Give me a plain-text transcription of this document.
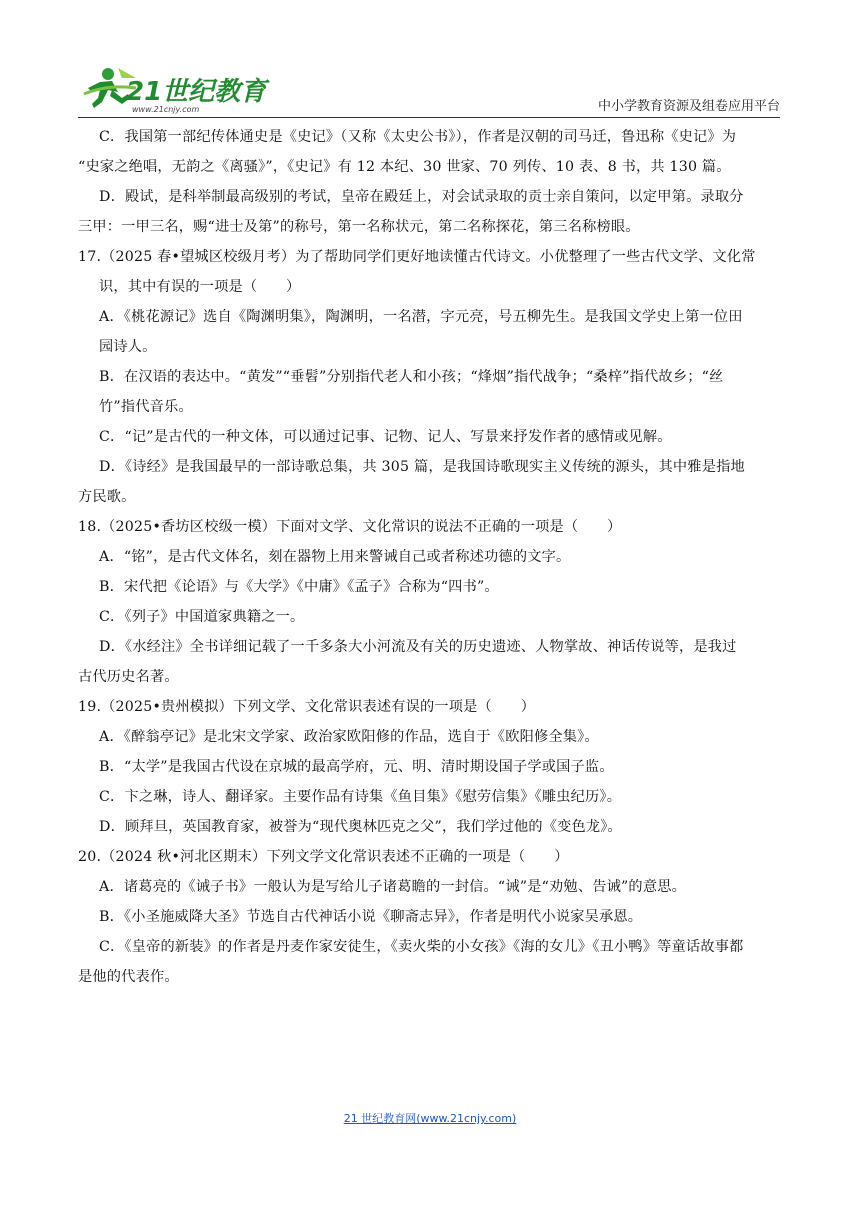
21世纪教育
www.21cnjy.com	中小学教育资源及组卷应用平台
C．我国第一部纪传体通史是《史记》（又称《太史公书》），作者是汉朝的司马迁，鲁迅称《史记》为
“史家之绝唱，无韵之《离骚》”，《史记》有 12 本纪、30 世家、70 列传、10 表、8 书，共 130 篇。
D．殿试，是科举制最高级别的考试，皇帝在殿廷上，对会试录取的贡士亲自策问，以定甲第。录取分
三甲：一甲三名，赐“进士及第”的称号，第一名称状元，第二名称探花，第三名称榜眼。
17.（2025 春•望城区校级月考）为了帮助同学们更好地读懂古代诗文。小优整理了一些古代文学、文化常
识，其中有误的一项是（　　）
A．《桃花源记》选自《陶渊明集》，陶渊明，一名潜，字元亮，号五柳先生。是我国文学史上第一位田
园诗人。
B．在汉语的表达中。“黄发”“垂髫”分别指代老人和小孩；“烽烟”指代战争；“桑梓”指代故乡；“丝
竹”指代音乐。
C．“记”是古代的一种文体，可以通过记事、记物、记人、写景来抒发作者的感情或见解。
D．《诗经》是我国最早的一部诗歌总集，共 305 篇，是我国诗歌现实主义传统的源头，其中雅是指地
方民歌。
18.（2025•香坊区校级一模）下面对文学、文化常识的说法不正确的一项是（　　）
A．“铭”，是古代文体名，刻在器物上用来警诫自己或者称述功德的文字。
B．宋代把《论语》与《大学》《中庸》《孟子》合称为“四书”。
C．《列子》中国道家典籍之一。
D．《水经注》全书详细记载了一千多条大小河流及有关的历史遗迹、人物掌故、神话传说等，是我过
古代历史名著。
19.（2025•贵州模拟）下列文学、文化常识表述有误的一项是（　　）
A．《醉翁亭记》是北宋文学家、政治家欧阳修的作品，选自于《欧阳修全集》。
B．“太学”是我国古代设在京城的最高学府，元、明、清时期设国子学或国子监。
C．卞之琳，诗人、翻译家。主要作品有诗集《鱼目集》《慰劳信集》《雕虫纪历》。
D．顾拜旦，英国教育家，被誉为“现代奥林匹克之父”，我们学过他的《变色龙》。
20.（2024 秋•河北区期末）下列文学文化常识表述不正确的一项是（　　）
A．诸葛亮的《诫子书》一般认为是写给儿子诸葛瞻的一封信。“诫”是“劝勉、告诫”的意思。
B．《小圣施威降大圣》节选自古代神话小说《聊斋志异》，作者是明代小说家吴承恩。
C．《皇帝的新装》的作者是丹麦作家安徒生，《卖火柴的小女孩》《海的女儿》《丑小鸭》等童话故事都
是他的代表作。
21 世纪教育网(www.21cnjy.com)
